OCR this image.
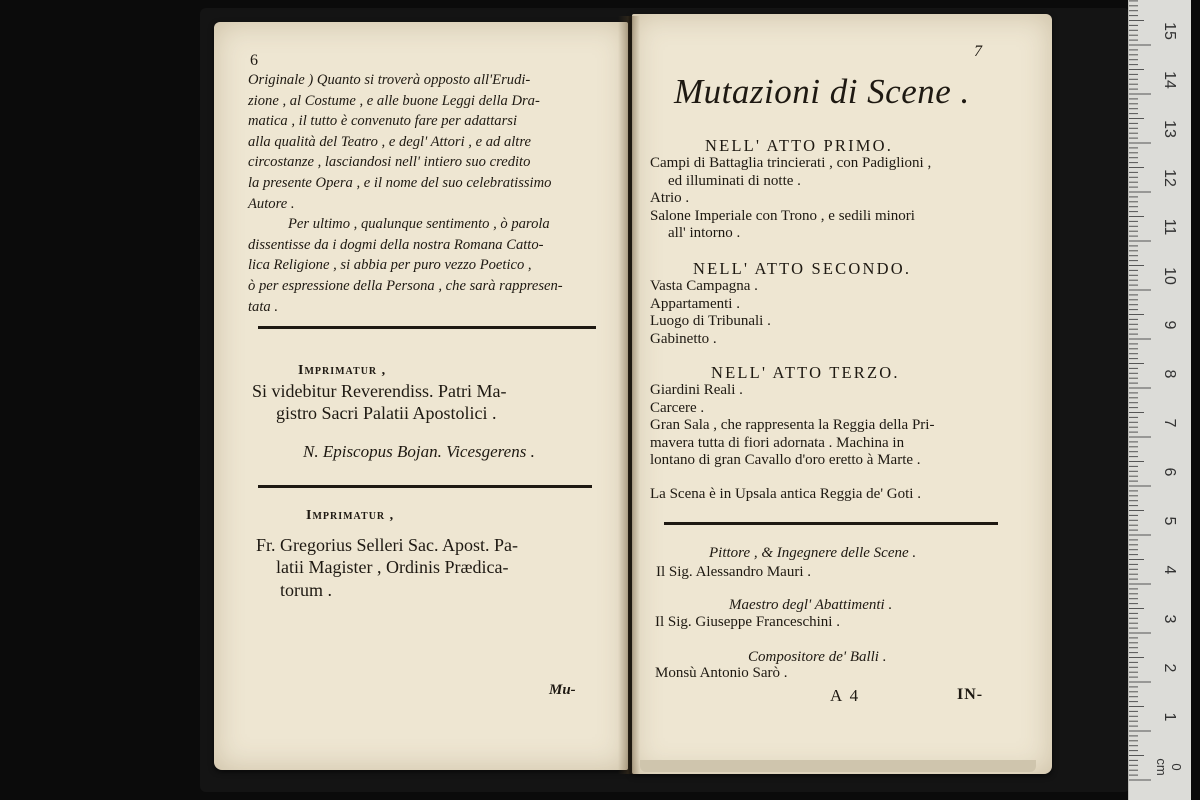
6
Originale ) Quanto si troverà opposto all'Erudi-
zione , al Costume , e alle buone Leggi della Dra-
matica , il tutto è convenuto fare per adattarsi
alla qualità del Teatro , e degl' Attori , e ad altre
circostanze , lasciandosi nell' intiero suo credito
la presente Opera , e il nome del suo celebratissimo
Autore .
Per ultimo , qualunque sentimento , ò parola
dissentisse da i dogmi della nostra Romana Catto-
lica Religione , si abbia per puro vezzo Poetico ,
ò per espressione della Persona , che sarà rappresen-
tata .
Imprimatur ,
Si videbitur Reverendiss. Patri Ma-
gistro Sacri Palatii Apostolici .
N. Episcopus Bojan. Vicesgerens .
Imprimatur ,
Fr. Gregorius Selleri Sac. Apost. Pa-
latii Magister , Ordinis Prædica-
torum .
Mu-
7
Mutazioni di Scene .
NELL' ATTO PRIMO.
Campi di Battaglia trincierati , con Padiglioni ,
ed illuminati di notte .
Atrio .
Salone Imperiale con Trono , e sedili minori
all' intorno .
NELL' ATTO SECONDO.
Vasta Campagna .
Appartamenti .
Luogo di Tribunali .
Gabinetto .
NELL' ATTO TERZO.
Giardini Reali .
Carcere .
Gran Sala , che rappresenta la Reggia della Pri-
mavera tutta di fiori adornata . Machina in
lontano di gran Cavallo d'oro eretto à Marte .
La Scena è in Upsala antica Reggia de' Goti .
Pittore , & Ingegnere delle Scene .
Il Sig. Alessandro Mauri .
Maestro degl' Abattimenti .
Il Sig. Giuseppe Franceschini .
Compositore de' Balli .
Monsù Antonio Sarò .
A 4	IN-
15
14
13
12
11
10
9
8
7
6
5
4
3
2
1
0 cm
